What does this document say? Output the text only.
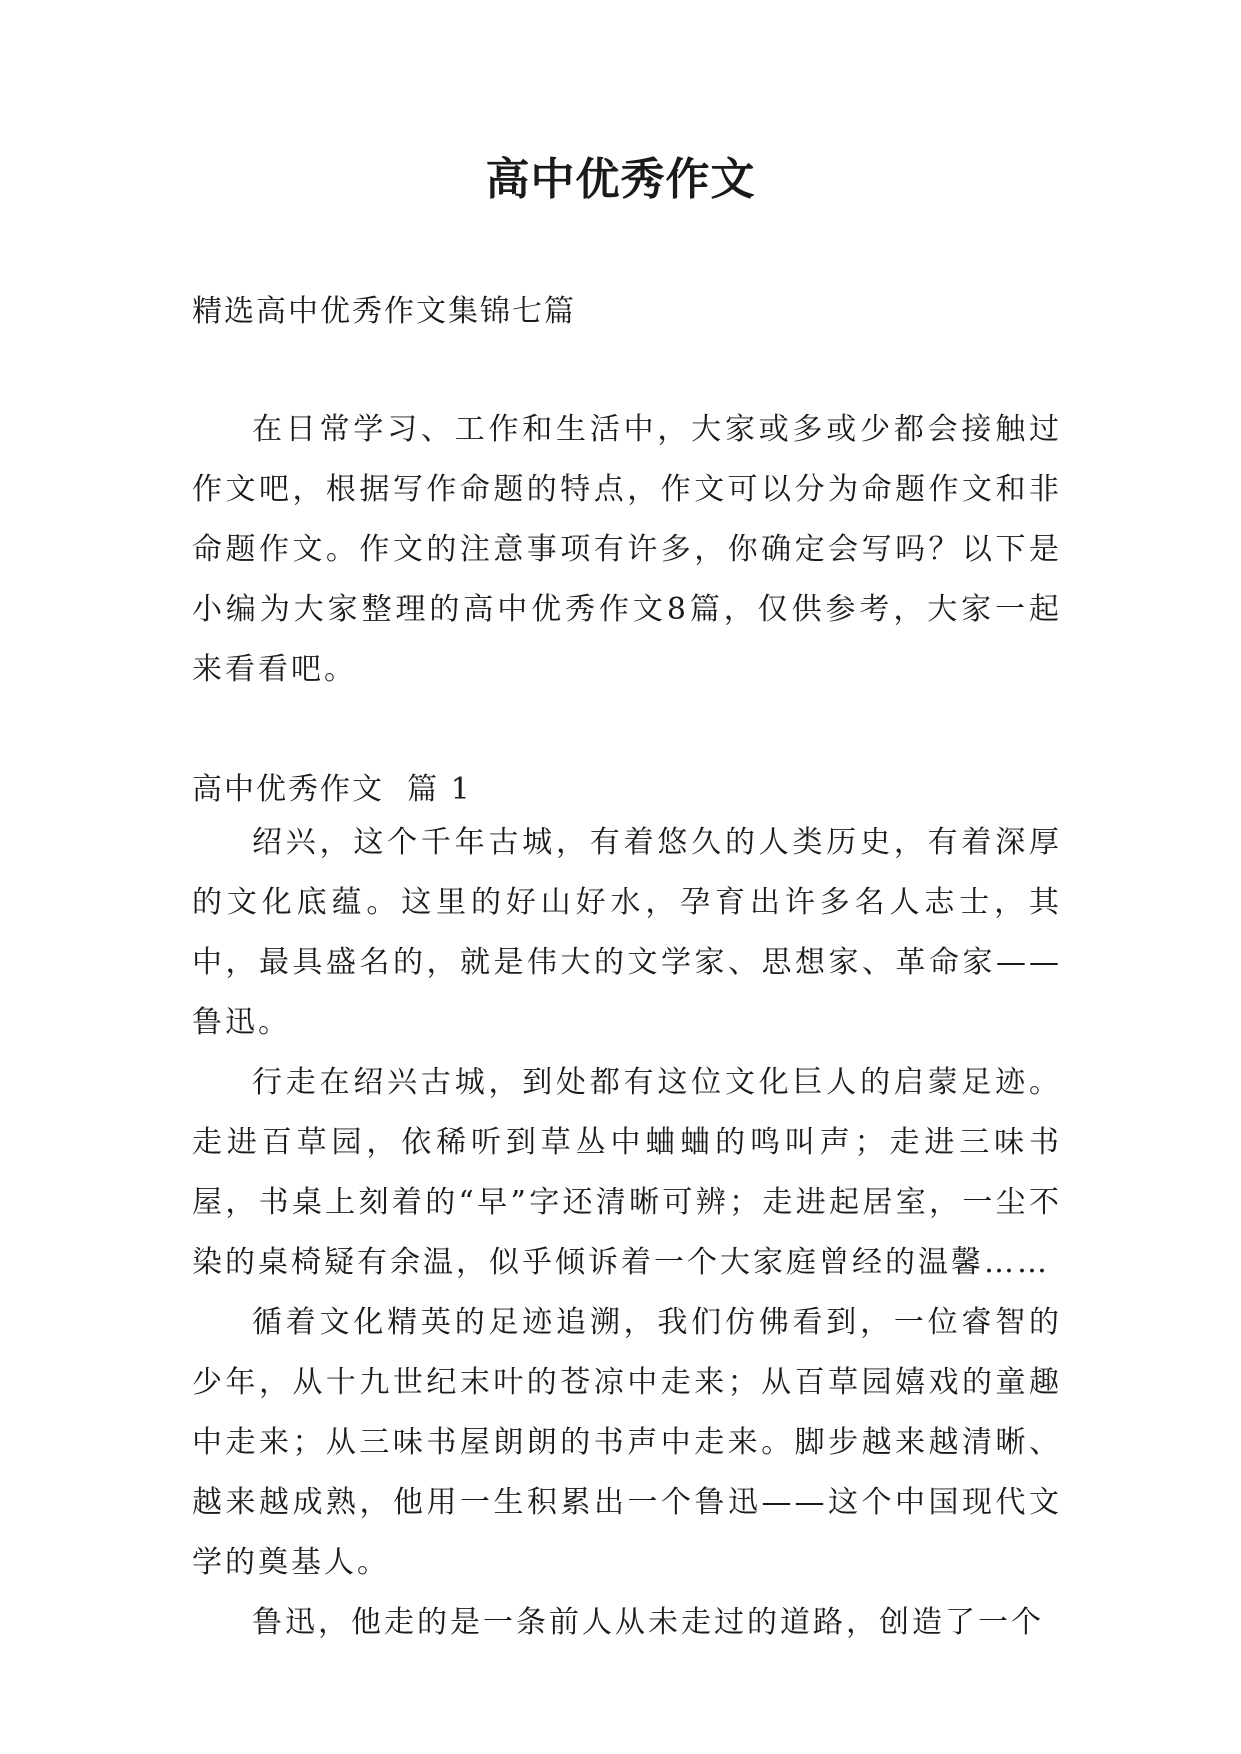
高中优秀作文
精选高中优秀作文集锦七篇

在日常学习、工作和生活中，大家或多或少都会接触过作文吧，根据写作命题的特点，作文可以分为命题作文和非命题作文。作文的注意事项有许多，你确定会写吗？以下是小编为大家整理的高中优秀作文8篇，仅供参考，大家一起来看看吧。

高中优秀作文  篇 1

绍兴，这个千年古城，有着悠久的人类历史，有着深厚的文化底蕴。这里的好山好水，孕育出许多名人志士，其中，最具盛名的，就是伟大的文学家、思想家、革命家——鲁迅。

行走在绍兴古城，到处都有这位文化巨人的启蒙足迹。走进百草园，依稀听到草丛中蛐蛐的鸣叫声；走进三味书屋，书桌上刻着的“早”字还清晰可辨；走进起居室，一尘不染的桌椅疑有余温，似乎倾诉着一个大家庭曾经的温馨……

循着文化精英的足迹追溯，我们仿佛看到，一位睿智的少年，从十九世纪末叶的苍凉中走来；从百草园嬉戏的童趣中走来；从三味书屋朗朗的书声中走来。脚步越来越清晰、越来越成熟，他用一生积累出一个鲁迅——这个中国现代文学的奠基人。

鲁迅，他走的是一条前人从未走过的道路，创造了一个
